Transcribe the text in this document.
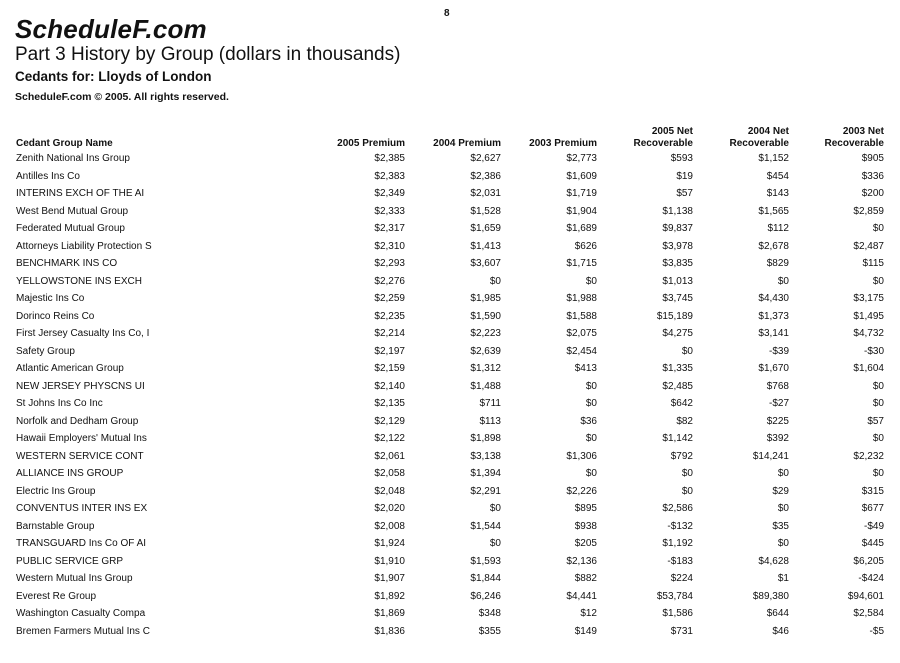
8
ScheduleF.com
Part 3 History by Group (dollars in thousands)
Cedants for: Lloyds of London
ScheduleF.com © 2005. All rights reserved.
Cedant Group Name	2005 Premium	2004 Premium	2003 Premium	2005 Net Recoverable	2004 Net Recoverable	2003 Net Recoverable
Zenith National Ins Group	$2,385	$2,627	$2,773	$593	$1,152	$905
Antilles Ins Co	$2,383	$2,386	$1,609	$19	$454	$336
INTERINS EXCH OF THE AI	$2,349	$2,031	$1,719	$57	$143	$200
West Bend Mutual Group	$2,333	$1,528	$1,904	$1,138	$1,565	$2,859
Federated Mutual Group	$2,317	$1,659	$1,689	$9,837	$112	$0
Attorneys Liability Protection S	$2,310	$1,413	$626	$3,978	$2,678	$2,487
BENCHMARK INS CO	$2,293	$3,607	$1,715	$3,835	$829	$115
YELLOWSTONE INS EXCH	$2,276	$0	$0	$1,013	$0	$0
Majestic Ins Co	$2,259	$1,985	$1,988	$3,745	$4,430	$3,175
Dorinco Reins Co	$2,235	$1,590	$1,588	$15,189	$1,373	$1,495
First Jersey Casualty Ins Co, I	$2,214	$2,223	$2,075	$4,275	$3,141	$4,732
Safety Group	$2,197	$2,639	$2,454	$0	-$39	-$30
Atlantic American Group	$2,159	$1,312	$413	$1,335	$1,670	$1,604
NEW JERSEY PHYSCNS UI	$2,140	$1,488	$0	$2,485	$768	$0
St Johns Ins Co Inc	$2,135	$711	$0	$642	-$27	$0
Norfolk and Dedham Group	$2,129	$113	$36	$82	$225	$57
Hawaii Employers' Mutual Ins	$2,122	$1,898	$0	$1,142	$392	$0
WESTERN SERVICE CONT	$2,061	$3,138	$1,306	$792	$14,241	$2,232
ALLIANCE INS GROUP	$2,058	$1,394	$0	$0	$0	$0
Electric Ins Group	$2,048	$2,291	$2,226	$0	$29	$315
CONVENTUS INTER INS EX	$2,020	$0	$895	$2,586	$0	$677
Barnstable Group	$2,008	$1,544	$938	-$132	$35	-$49
TRANSGUARD Ins Co OF AI	$1,924	$0	$205	$1,192	$0	$445
PUBLIC SERVICE GRP	$1,910	$1,593	$2,136	-$183	$4,628	$6,205
Western Mutual Ins Group	$1,907	$1,844	$882	$224	$1	-$424
Everest Re Group	$1,892	$6,246	$4,441	$53,784	$89,380	$94,601
Washington Casualty Compa	$1,869	$348	$12	$1,586	$644	$2,584
Bremen Farmers Mutual Ins C	$1,836	$355	$149	$731	$46	-$5
